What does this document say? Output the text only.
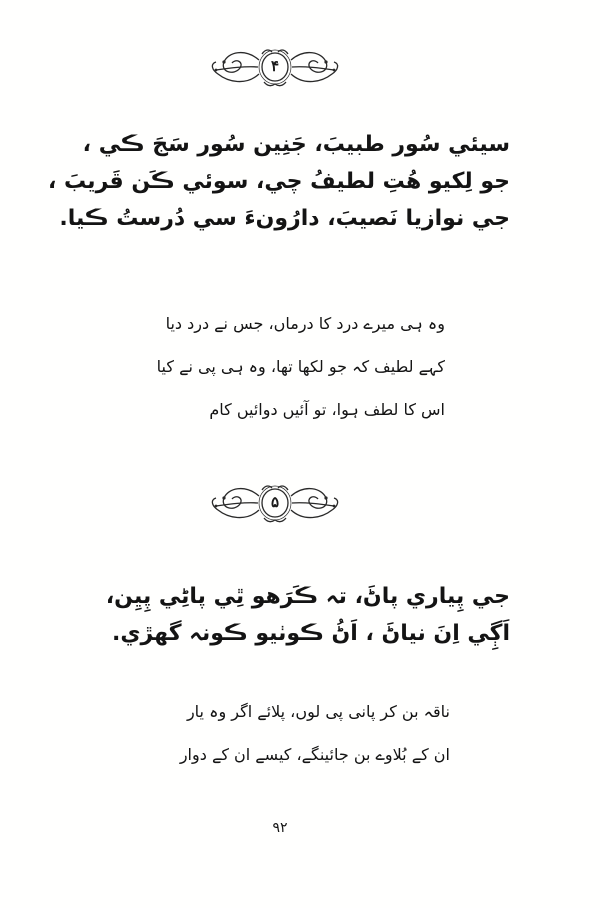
۴
سيئي سُور طبيبَ، جَنِين سُور سَجَ ڪي ،
جو لِکيو هُتِ لطيفُ چي، سوئي ڪَن قَريبَ ،
جي نوازيا نَصيبَ، دارُونءَ سي دُرستُ ڪيا.
وہ ہی میرے درد کا درماں، جس نے درد دیا
کہے لطیف کہ جو لکھا تھا، وہ ہی پی نے کیا
اس کا لطف ہوا، تو آئیں دوائیں کام
۵
جي پِياري پاڻَ، تہ ڪَرَهو ٿِي پاڻِي پِيِن،
اَڳِي اِنَ نياڻَ ، اَڻُ ڪوٺيو ڪونہ گهڙي.
ناقہ بن کر پانی پی لوں، پلائے اگر وہ یار
ان کے بُلاوے بن جائینگے، کیسے ان کے دوار
۹۲
